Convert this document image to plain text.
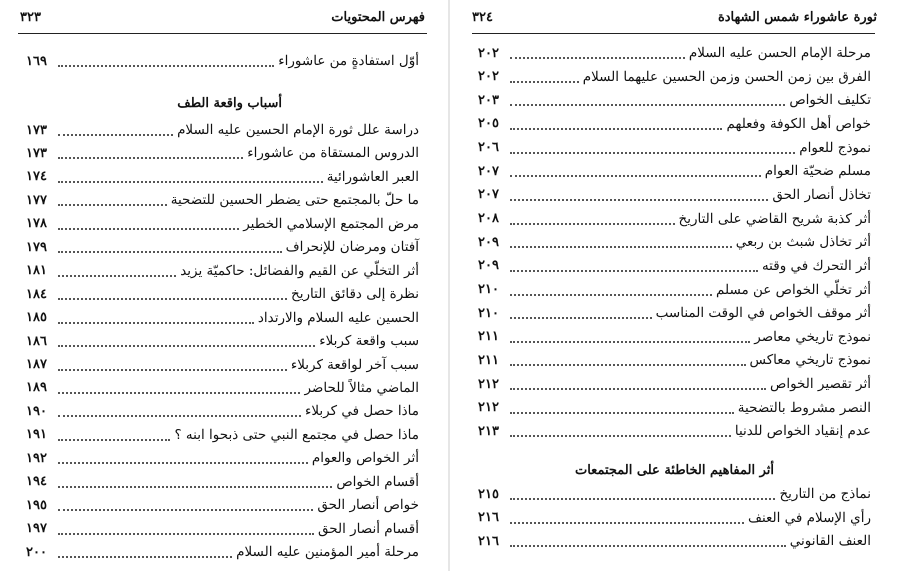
فهرس المحتويات
٣٢٣
أوّل استفادةٍ من عاشوراء
١٦٩
أسباب واقعة الطف
دراسة علل ثورة الإمام الحسين عليه السلام
١٧٣
الدروس المستقاة من عاشوراء
١٧٣
العبر العاشورائية
١٧٤
ما حلّ بالمجتمع حتى يضطر الحسين للتضحية
١٧٧
مرض المجتمع الإسلامي الخطير
١٧٨
آفتان ومرضان للإنحراف
١٧٩
أثر التخلّي عن القيم والفضائل: حاكميّة يزيد
١٨١
نظرة إلى دقائق التاريخ
١٨٤
الحسين عليه السلام والارتداد
١٨٥
سبب واقعة كربلاء
١٨٦
سبب آخر لواقعة كربلاء
١٨٧
الماضي مثالاً للحاضر
١٨٩
ماذا حصل في كربلاء
١٩٠
ماذا حصل في مجتمع النبي حتى ذبحوا ابنه ؟
١٩١
أثر الخواص والعوام
١٩٢
أقسام الخواص
١٩٤
خواص أنصار الحق
١٩٥
أقسام أنصار الحق
١٩٧
مرحلة أمير المؤمنين عليه السلام
٢٠٠
ثورة عاشوراء شمس الشهادة
٣٢٤
مرحلة الإمام الحسن عليه السلام
٢٠٢
الفرق بين زمن الحسن وزمن الحسين عليهما السلام
٢٠٢
تكليف الخواص
٢٠٣
خواص أهل الكوفة وفعلهم
٢٠٥
نموذج للعوام
٢٠٦
مسلم ضحيّة العوام
٢٠٧
تخاذل أنصار الحق
٢٠٧
أثر كذبة شريح القاضي على التاريخ
٢٠٨
أثر تخاذل شبث بن ربعي
٢٠٩
أثر التحرك في وقته
٢٠٩
أثر تخلّي الخواص عن مسلم
٢١٠
أثر موقف الخواص في الوقت المناسب
٢١٠
نموذج تاريخي معاصر
٢١١
نموذج تاريخي معاكس
٢١١
أثر تقصير الخواص
٢١٢
النصر مشروط بالتضحية
٢١٢
عدم إنقياد الخواص للدنيا
٢١٣
أثر المفاهيم الخاطئة على المجتمعات
نماذج من التاريخ
٢١٥
رأي الإسلام في العنف
٢١٦
العنف القانوني
٢١٦
